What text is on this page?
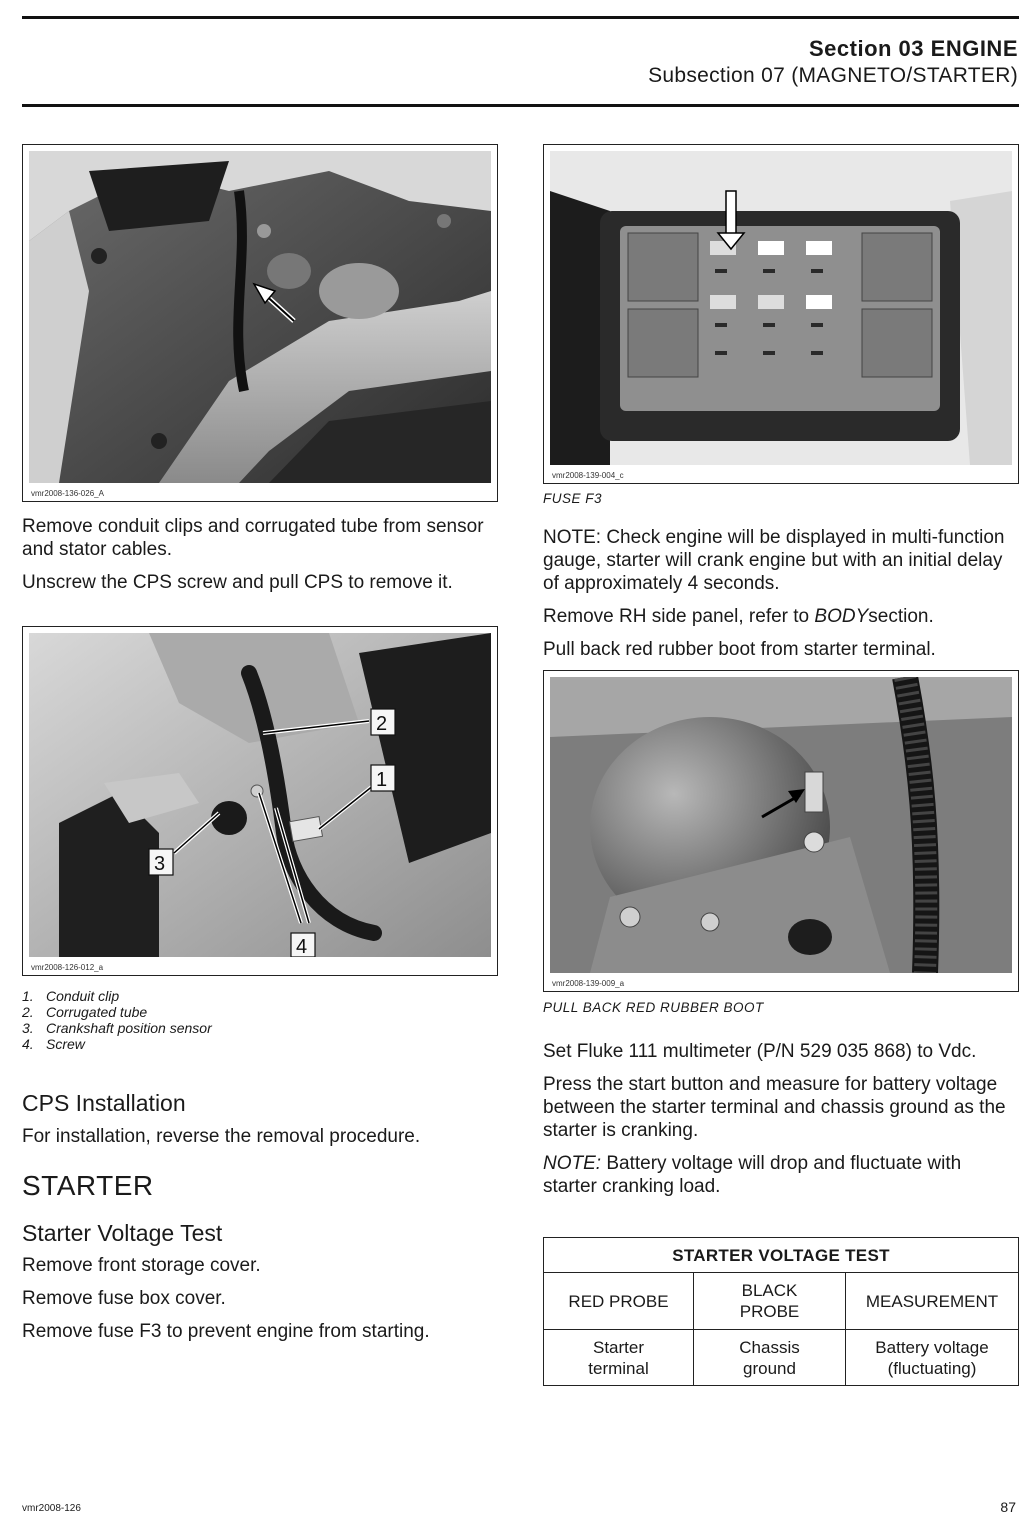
Section 03 ENGINE
Subsection 07 (MAGNETO/STARTER)
vmr2008-136-026_A

Remove conduit clips and corrugated tube from sensor and stator cables.

Unscrew the CPS screw and pull CPS to remove it.

2
1
3
4
vmr2008-126-012_a
1. Conduit clip
2. Corrugated tube
3. Crankshaft position sensor
4. Screw
CPS Installation
For installation, reverse the removal procedure.
STARTER
Starter Voltage Test

Remove front storage cover.

Remove fuse box cover.

Remove fuse F3 to prevent engine from starting.

vmr2008-139-004_c
FUSE F3

NOTE: Check engine will be displayed in multi-function gauge, starter will crank engine but with an initial delay of approximately 4 seconds.

Remove RH side panel, refer to BODYsection.

Pull back red rubber boot from starter terminal.

vmr2008-139-009_a
PULL BACK RED RUBBER BOOT

Set Fluke 111 multimeter (P/N 529 035 868) to Vdc.

Press the start button and measure for battery voltage between the starter terminal and chassis ground as the starter is cranking.

NOTE: Battery voltage will drop and fluctuate with starter cranking load.

STARTER VOLTAGE TEST		
RED PROBE	BLACK PROBE	MEASUREMENT
Starter terminal	Chassis ground	Battery voltage (fluctuating)
vmr2008-126	87
